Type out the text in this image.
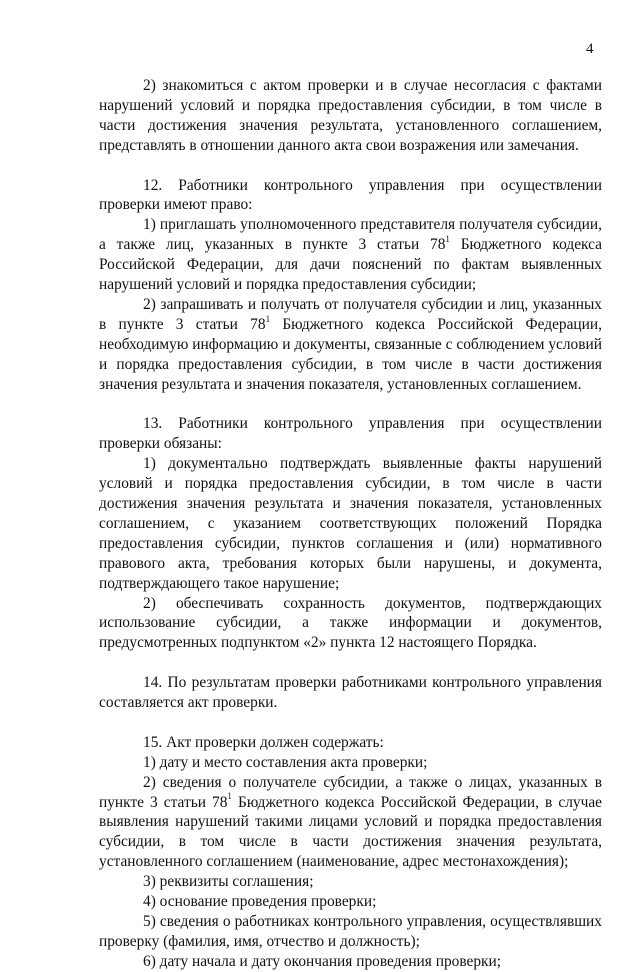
4

2) знакомиться с актом проверки и в случае несогласия с фактами нарушений условий и порядка предоставления субсидии, в том числе в части достижения значения результата, установленного соглашением, представлять в отношении данного акта свои возражения или замечания.

12. Работники контрольного управления при осуществлении проверки имеют право:

1) приглашать уполномоченного представителя получателя субсидии, а также лиц, указанных в пункте 3 статьи $78^1$ Бюджетного кодекса Российской Федерации, для дачи пояснений по фактам выявленных нарушений условий и порядка предоставления субсидии;

2) запрашивать и получать от получателя субсидии и лиц, указанных в пункте 3 статьи $78^1$ Бюджетного кодекса Российской Федерации, необходимую информацию и документы, связанные с соблюдением условий и порядка предоставления субсидии, в том числе в части достижения значения результата и значения показателя, установленных соглашением.

13. Работники контрольного управления при осуществлении проверки обязаны:

1) документально подтверждать выявленные факты нарушений условий и порядка предоставления субсидии, в том числе в части достижения значения результата и значения показателя, установленных соглашением, с указанием соответствующих положений Порядка предоставления субсидии, пунктов соглашения и (или) нормативного правового акта, требования которых были нарушены, и документа, подтверждающего такое нарушение;

2) обеспечивать сохранность документов, подтверждающих использование субсидии, а также информации и документов, предусмотренных подпунктом «2» пункта 12 настоящего Порядка.

14. По результатам проверки работниками контрольного управления составляется акт проверки.

15. Акт проверки должен содержать:

1) дату и место составления акта проверки;

2) сведения о получателе субсидии, а также о лицах, указанных в пункте 3 статьи $78^1$ Бюджетного кодекса Российской Федерации, в случае выявления нарушений такими лицами условий и порядка предоставления субсидии, в том числе в части достижения значения результата, установленного соглашением (наименование, адрес местонахождения);

3) реквизиты соглашения;

4) основание проведения проверки;

5) сведения о работниках контрольного управления, осуществлявших проверку (фамилия, имя, отчество и должность);

6) дату начала и дату окончания проведения проверки;
